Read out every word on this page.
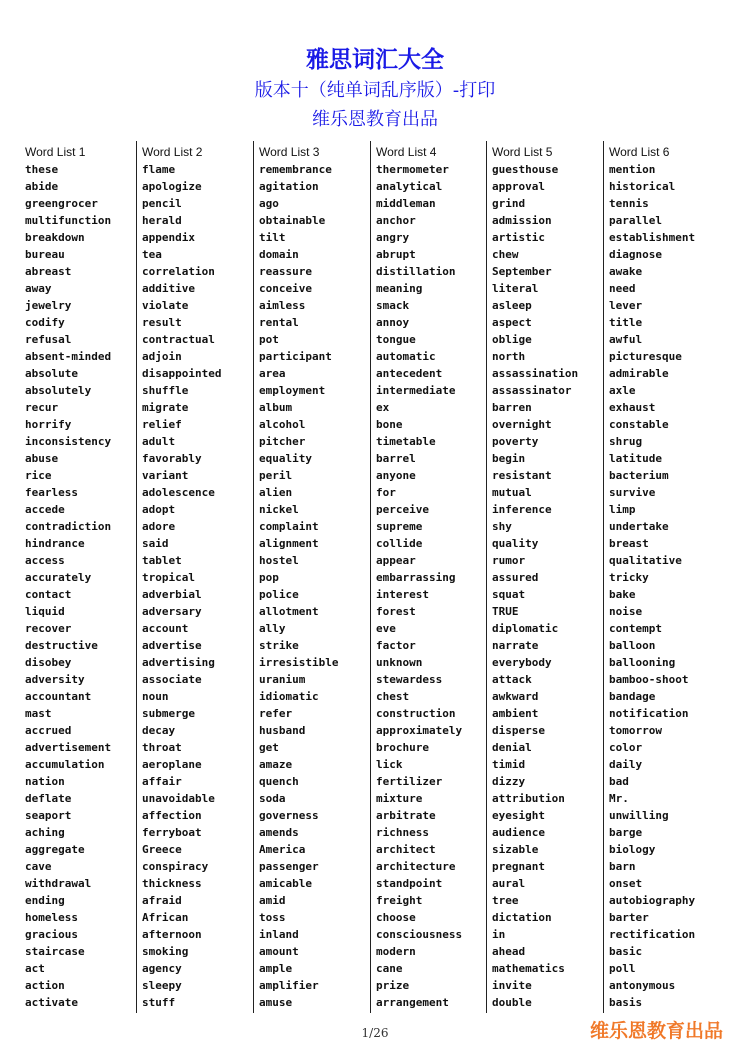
雅思词汇大全
版本十（纯单词乱序版）-打印
维乐恩教育出品
Word List 1
these
abide
greengrocer
multifunction
breakdown
bureau
abreast
away
jewelry
codify
refusal
absent-minded
absolute
absolutely
recur
horrify
inconsistency
abuse
rice
fearless
accede
contradiction
hindrance
access
accurately
contact
liquid
recover
destructive
disobey
adversity
accountant
mast
accrued
advertisement
accumulation
nation
deflate
seaport
aching
aggregate
cave
withdrawal
ending
homeless
gracious
staircase
act
action
activate
Word List 2
flame
apologize
pencil
herald
appendix
tea
correlation
additive
violate
result
contractual
adjoin
disappointed
shuffle
migrate
relief
adult
favorably
variant
adolescence
adopt
adore
said
tablet
tropical
adverbial
adversary
account
advertise
advertising
associate
noun
submerge
decay
throat
aeroplane
affair
unavoidable
affection
ferryboat
Greece
conspiracy
thickness
afraid
African
afternoon
smoking
agency
sleepy
stuff
Word List 3
remembrance
agitation
ago
obtainable
tilt
domain
reassure
conceive
aimless
rental
pot
participant
area
employment
album
alcohol
pitcher
equality
peril
alien
nickel
complaint
alignment
hostel
pop
police
allotment
ally
strike
irresistible
uranium
idiomatic
refer
husband
get
amaze
quench
soda
governess
amends
America
passenger
amicable
amid
toss
inland
amount
ample
amplifier
amuse
Word List 4
thermometer
analytical
middleman
anchor
angry
abrupt
distillation
meaning
smack
annoy
tongue
automatic
antecedent
intermediate
ex
bone
timetable
barrel
anyone
for
perceive
supreme
collide
appear
embarrassing
interest
forest
eve
factor
unknown
stewardess
chest
construction
approximately
brochure
lick
fertilizer
mixture
arbitrate
richness
architect
architecture
standpoint
freight
choose
consciousness
modern
cane
prize
arrangement
Word List 5
guesthouse
approval
grind
admission
artistic
chew
September
literal
asleep
aspect
oblige
north
assassination
assassinator
barren
overnight
poverty
begin
resistant
mutual
inference
shy
quality
rumor
assured
squat
TRUE
diplomatic
narrate
everybody
attack
awkward
ambient
disperse
denial
timid
dizzy
attribution
eyesight
audience
sizable
pregnant
aural
tree
dictation
in
ahead
mathematics
invite
double
Word List 6
mention
historical
tennis
parallel
establishment
diagnose
awake
need
lever
title
awful
picturesque
admirable
axle
exhaust
constable
shrug
latitude
bacterium
survive
limp
undertake
breast
qualitative
tricky
bake
noise
contempt
balloon
ballooning
bamboo-shoot
bandage
notification
tomorrow
color
daily
bad
Mr.
unwilling
barge
biology
barn
onset
autobiography
barter
rectification
basic
poll
antonymous
basis
1/26	维乐恩教育出品
